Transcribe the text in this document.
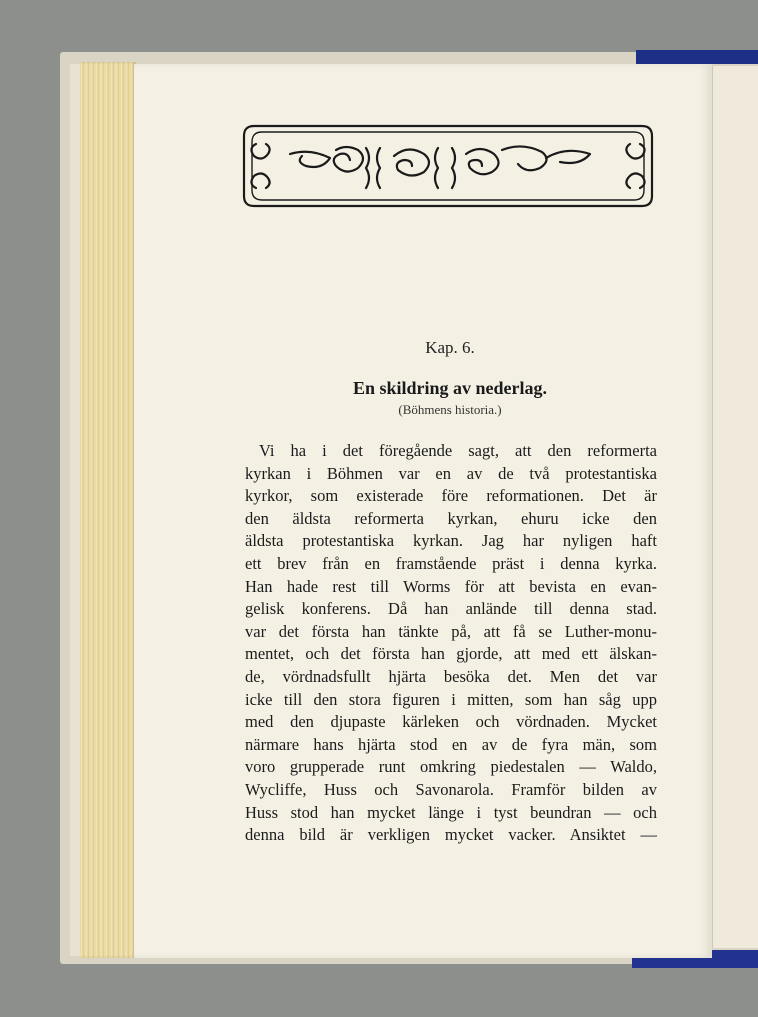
Kap. 6.
En skildring av nederlag.
(Böhmens historia.)
Vi ha i det föregående sagt, att den reformerta
kyrkan i Böhmen var en av de två protestantiska
kyrkor, som existerade före reformationen. Det är
den äldsta reformerta kyrkan, ehuru icke den
äldsta protestantiska kyrkan. Jag har nyligen haft
ett brev från en framstående präst i denna kyrka.
Han hade rest till Worms för att bevista en evan-
gelisk konferens. Då han anlände till denna stad.
var det första han tänkte på, att få se Luther-monu-
mentet, och det första han gjorde, att med ett älskan-
de, vördnadsfullt hjärta besöka det. Men det var
icke till den stora figuren i mitten, som han såg upp
med den djupaste kärleken och vördnaden. Mycket
närmare hans hjärta stod en av de fyra män, som
voro grupperade runt omkring piedestalen — Waldo,
Wycliffe, Huss och Savonarola. Framför bilden av
Huss stod han mycket länge i tyst beundran — och
denna bild är verkligen mycket vacker. Ansiktet —
